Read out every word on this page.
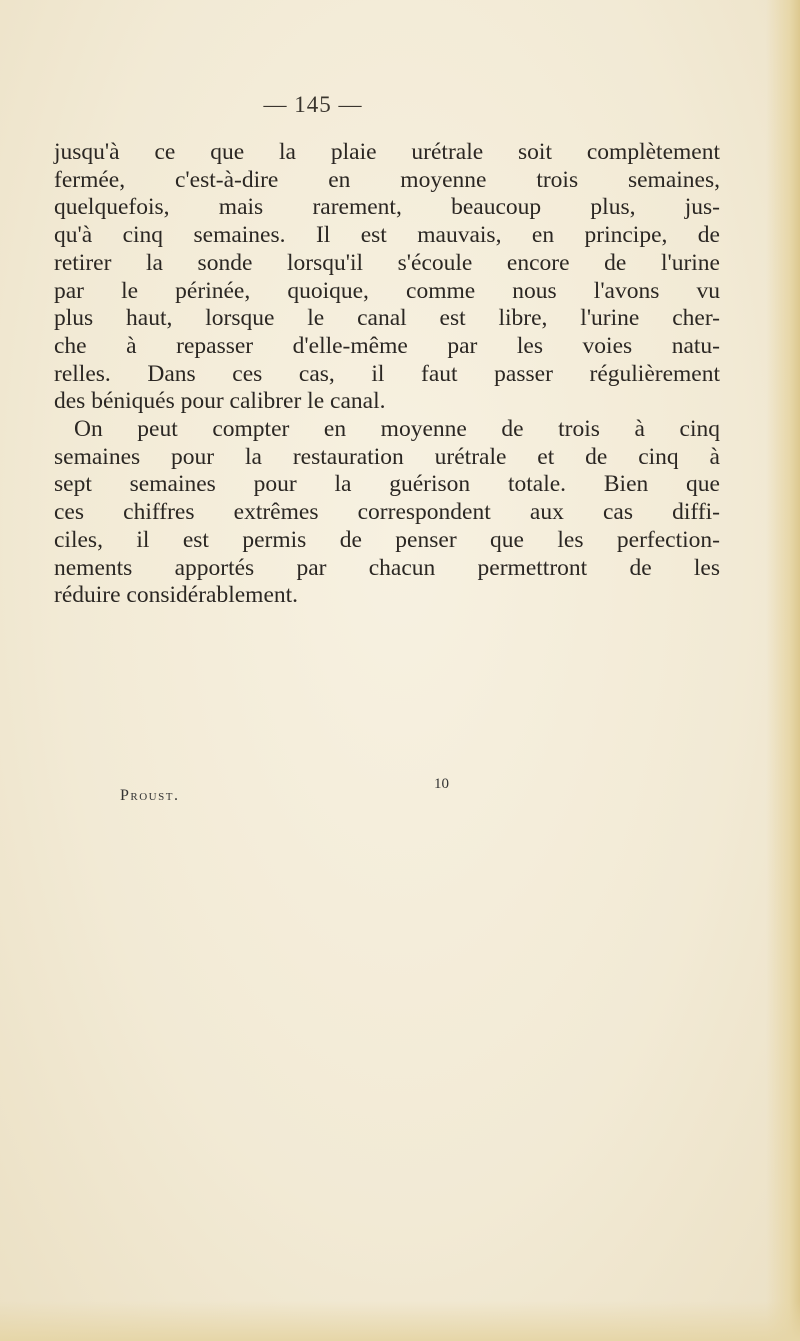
— 145 —
jusqu'à ce que la plaie urétrale soit complètement
fermée, c'est-à-dire en moyenne trois semaines,
quelquefois, mais rarement, beaucoup plus, jus-
qu'à cinq semaines. Il est mauvais, en principe, de
retirer la sonde lorsqu'il s'écoule encore de l'urine
par le périnée, quoique, comme nous l'avons vu
plus haut, lorsque le canal est libre, l'urine cher-
che à repasser d'elle-même par les voies natu-
relles. Dans ces cas, il faut passer régulièrement
des béniqués pour calibrer le canal.
On peut compter en moyenne de trois à cinq
semaines pour la restauration urétrale et de cinq à
sept semaines pour la guérison totale. Bien que
ces chiffres extrêmes correspondent aux cas diffi-
ciles, il est permis de penser que les perfection-
nements apportés par chacun permettront de les
réduire considérablement.
Proust.
10
